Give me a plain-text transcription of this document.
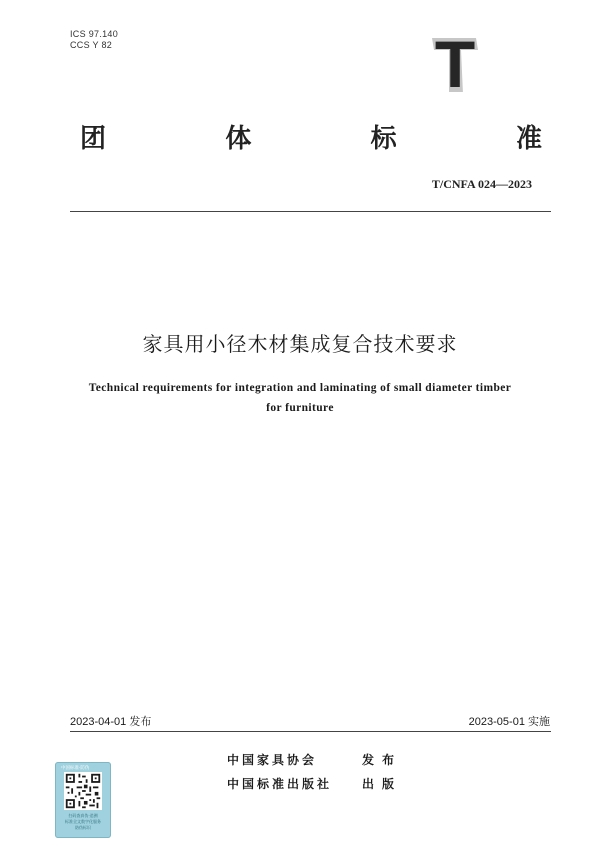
ICS 97.140
CCS Y 82	T
团	体	标	准
T/CNFA 024—2023
家具用小径木材集成复合技术要求
Technical requirements for integration and laminating of small diameter timber
for furniture
2023-04-01 发布	2023-05-01 实施
中国家具协会	发布
中国标准出版社	出版
中国标准·防伪
扫码查真伪·追溯
标准全文数字化服务
防伪标识
